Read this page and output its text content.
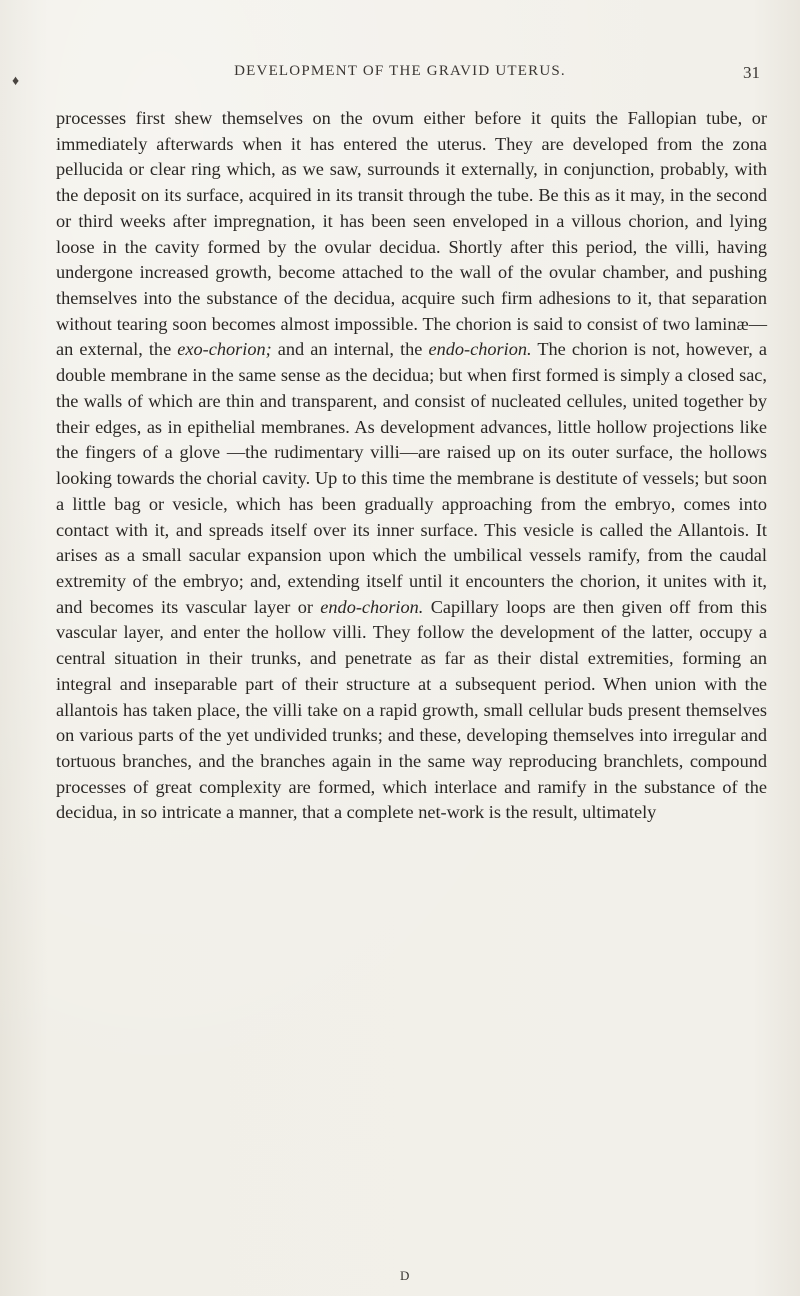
♦
DEVELOPMENT OF THE GRAVID UTERUS.	31

processes first shew themselves on the ovum either before it quits the Fallopian tube, or immediately afterwards when it has entered the uterus. They are developed from the zona pellucida or clear ring which, as we saw, surrounds it externally, in conjunction, probably, with the deposit on its surface, acquired in its transit through the tube. Be this as it may, in the second or third weeks after impregnation, it has been seen enveloped in a villous chorion, and lying loose in the cavity formed by the ovular decidua. Shortly after this period, the villi, having undergone increased growth, become attached to the wall of the ovular chamber, and pushing themselves into the substance of the decidua, acquire such firm adhesions to it, that separation without tearing soon becomes almost impossible. The chorion is said to consist of two laminæ—an external, the exo-chorion; and an internal, the endo-chorion. The chorion is not, however, a double membrane in the same sense as the decidua; but when first formed is simply a closed sac, the walls of which are thin and transparent, and consist of nucleated cellules, united together by their edges, as in epithelial membranes. As development advances, little hollow projections like the fingers of a glove —the rudimentary villi—are raised up on its outer surface, the hollows looking towards the chorial cavity. Up to this time the membrane is destitute of vessels; but soon a little bag or vesicle, which has been gradually approaching from the embryo, comes into contact with it, and spreads itself over its inner surface. This vesicle is called the Allantois. It arises as a small sacular expansion upon which the umbilical vessels ramify, from the caudal extremity of the embryo; and, extending itself until it encounters the chorion, it unites with it, and becomes its vascular layer or endo-chorion. Capillary loops are then given off from this vascular layer, and enter the hollow villi. They follow the development of the latter, occupy a central situation in their trunks, and penetrate as far as their distal extremities, forming an integral and inseparable part of their structure at a subsequent period. When union with the allantois has taken place, the villi take on a rapid growth, small cellular buds present themselves on various parts of the yet undivided trunks; and these, developing themselves into irregular and tortuous branches, and the branches again in the same way reproducing branchlets, compound processes of great complexity are formed, which interlace and ramify in the substance of the decidua, in so intricate a manner, that a complete net-work is the result, ultimately

D
